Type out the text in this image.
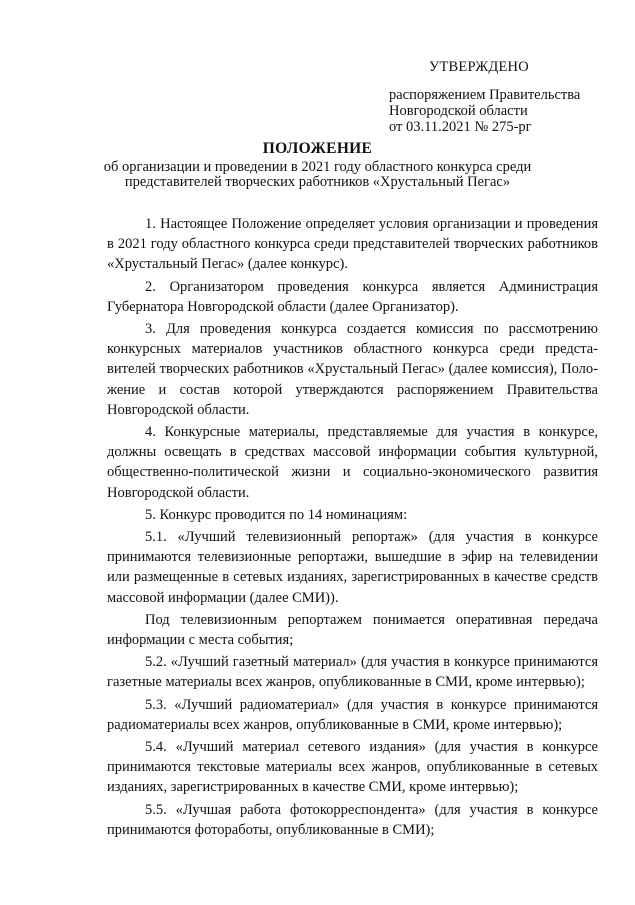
УТВЕРЖДЕНО
распоряжением Правительства
Новгородской области
от 03.11.2021 № 275-рг
ПОЛОЖЕНИЕ
об организации и проведении в 2021 году областного конкурса среди
представителей творческих работников «Хрустальный Пегас»

1. Настоящее Положение определяет условия организации и проведения в 2021 году областного конкурса среди представителей творческих работников «Хрустальный Пегас» (далее конкурс).

2. Организатором проведения конкурса является Администрация Губернатора Новгородской области (далее Организатор).

3. Для проведения конкурса создается комиссия по рассмотрению конкурсных материалов участников областного конкурса среди представителей творческих работников «Хрустальный Пегас» (далее комиссия), Положение и состав которой утверждаются распоряжением Правительства Новгородской области.

4. Конкурсные материалы, представляемые для участия в конкурсе, должны освещать в средствах массовой информации события культурной, общественно-политической жизни и социально-экономического развития Новгородской области.

5. Конкурс проводится по 14 номинациям:

5.1. «Лучший телевизионный репортаж» (для участия в конкурсе принимаются телевизионные репортажи, вышедшие в эфир на телевидении или размещенные в сетевых изданиях, зарегистрированных в качестве средств массовой информации (далее СМИ)).

Под телевизионным репортажем понимается оперативная передача информации с места события;

5.2. «Лучший газетный материал» (для участия в конкурсе принимаются газетные материалы всех жанров, опубликованные в СМИ, кроме интервью);

5.3. «Лучший радиоматериал» (для участия в конкурсе принимаются радиоматериалы всех жанров, опубликованные в СМИ, кроме интервью);

5.4. «Лучший материал сетевого издания» (для участия в конкурсе принимаются текстовые материалы всех жанров, опубликованные в сетевых изданиях, зарегистрированных в качестве СМИ, кроме интервью);

5.5. «Лучшая работа фотокорреспондента» (для участия в конкурсе принимаются фотоработы, опубликованные в СМИ);
